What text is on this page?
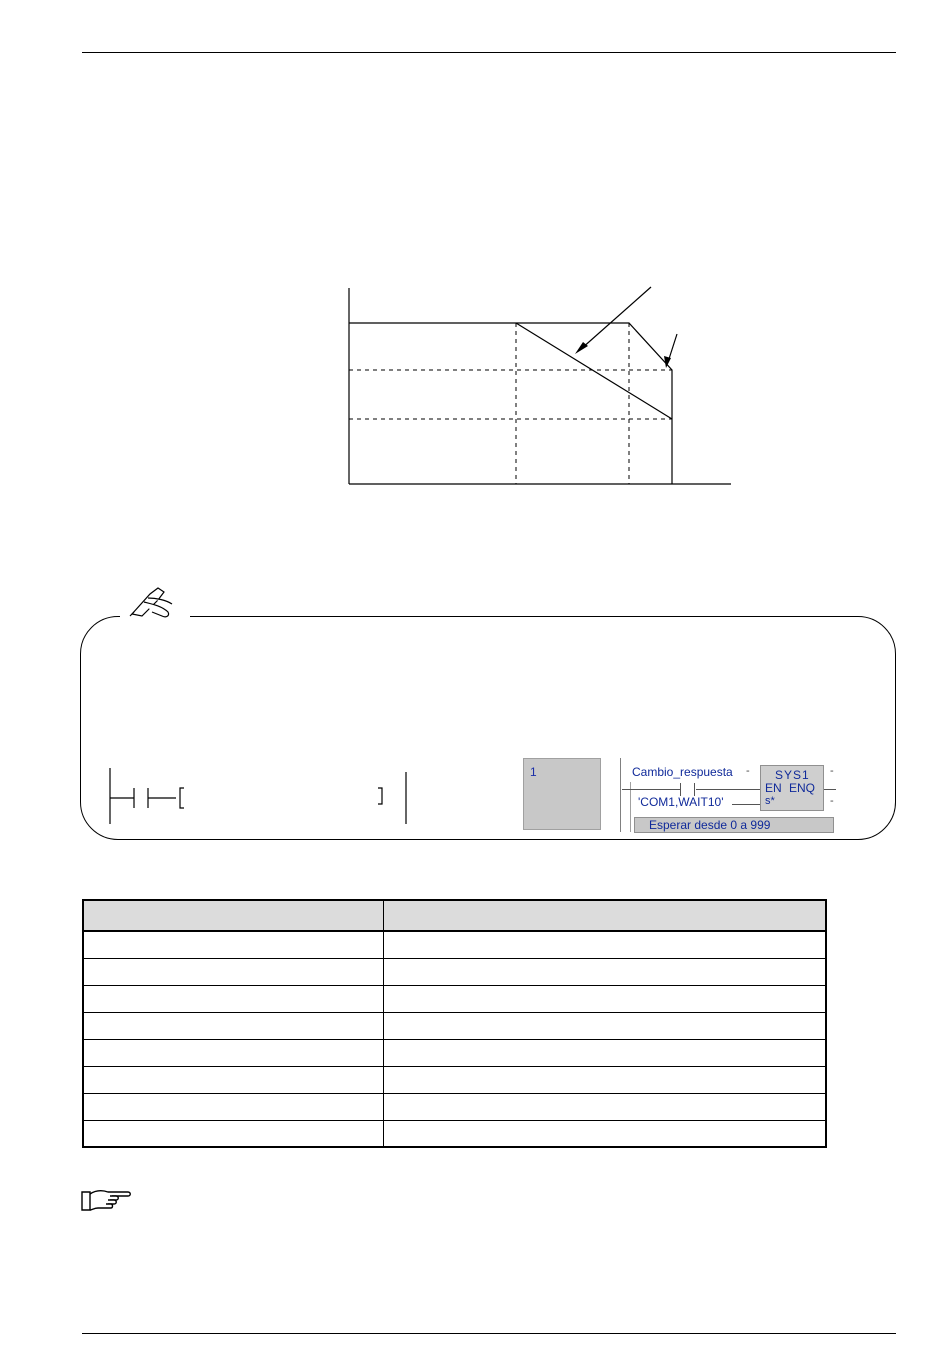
1	-	-
-
Cambio_respuesta
'COM1,WAIT10'
SYS1
EN ENQ
s*
Esperar desde 0 a 999
